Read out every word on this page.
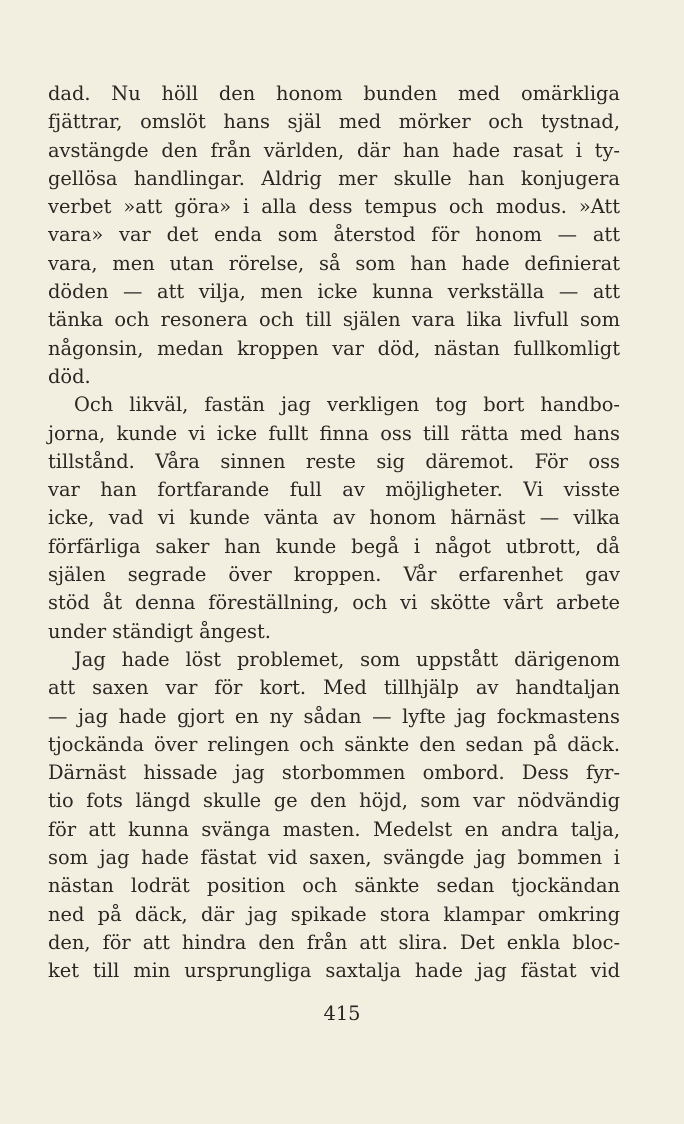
dad. Nu höll den honom bunden med omärkliga
fjättrar, omslöt hans själ med mörker och tystnad,
avstängde den från världen, där han hade rasat i ty-
gellösa handlingar. Aldrig mer skulle han konjugera
verbet »att göra» i alla dess tempus och modus. »Att
vara» var det enda som återstod för honom — att
vara, men utan rörelse, så som han hade definierat
döden — att vilja, men icke kunna verkställa — att
tänka och resonera och till själen vara lika livfull som
någonsin, medan kroppen var död, nästan fullkomligt
död.
Och likväl, fastän jag verkligen tog bort handbo-
jorna, kunde vi icke fullt finna oss till rätta med hans
tillstånd. Våra sinnen reste sig däremot. För oss
var han fortfarande full av möjligheter. Vi visste
icke, vad vi kunde vänta av honom härnäst — vilka
förfärliga saker han kunde begå i något utbrott, då
själen segrade över kroppen. Vår erfarenhet gav
stöd åt denna föreställning, och vi skötte vårt arbete
under ständigt ångest.
Jag hade löst problemet, som uppstått därigenom
att saxen var för kort. Med tillhjälp av handtaljan
— jag hade gjort en ny sådan — lyfte jag fockmastens
tjockända över relingen och sänkte den sedan på däck.
Därnäst hissade jag storbommen ombord. Dess fyr-
tio fots längd skulle ge den höjd, som var nödvändig
för att kunna svänga masten. Medelst en andra talja,
som jag hade fästat vid saxen, svängde jag bommen i
nästan lodrät position och sänkte sedan tjockändan
ned på däck, där jag spikade stora klampar omkring
den, för att hindra den från att slira. Det enkla bloc-
ket till min ursprungliga saxtalja hade jag fästat vid
415
